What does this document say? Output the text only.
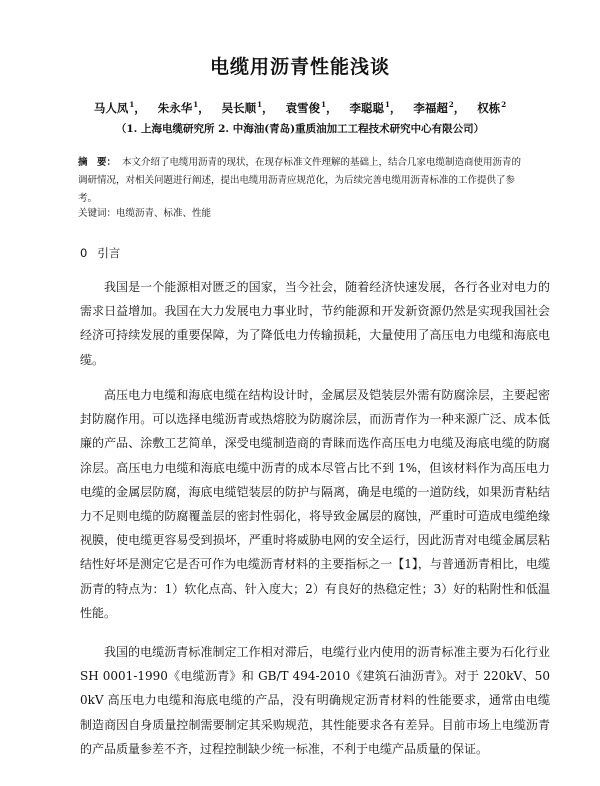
电缆用沥青性能浅谈
马人凤$^1$， 朱永华$^1$， 吴长顺$^1$， 袁雪俊$^1$， 李聪聪$^1$， 李福超$^2$， 权栋$^2$
（1. 上海电缆研究所 2. 中海油(青岛)重质油加工工程技术研究中心有限公司）
摘　要： 本文介绍了电缆用沥青的现状，在现存标准文件理解的基础上，结合几家电缆制造商使用沥青的调研情况，对相关问题进行阐述，提出电缆用沥青应规范化，为后续完善电缆用沥青标准的工作提供了参考。
关键词：电缆沥青、标准、性能
0 引言

我国是一个能源相对匮乏的国家，当今社会，随着经济快速发展，各行各业对电力的需求日益增加。我国在大力发展电力事业时，节约能源和开发新资源仍然是实现我国社会经济可持续发展的重要保障，为了降低电力传输损耗，大量使用了高压电力电缆和海底电缆。

高压电力电缆和海底电缆在结构设计时，金属层及铠装层外需有防腐涂层，主要起密封防腐作用。可以选择电缆沥青或热熔胶为防腐涂层，而沥青作为一种来源广泛、成本低廉的产品、涂敷工艺简单，深受电缆制造商的青睐而选作高压电力电缆及海底电缆的防腐涂层。高压电力电缆和海底电缆中沥青的成本尽管占比不到 1%，但该材料作为高压电力电缆的金属层防腐，海底电缆铠装层的防护与隔离，确是电缆的一道防线，如果沥青粘结力不足则电缆的防腐覆盖层的密封性弱化，将导致金属层的腐蚀，严重时可造成电缆绝缘视膜，使电缆更容易受到损坏，严重时将威胁电网的安全运行，因此沥青对电缆金属层粘结性好坏是测定它是否可作为电缆沥青材料的主要指标之一【1】，与普通沥青相比，电缆沥青的特点为：1）软化点高、针入度大；2）有良好的热稳定性；3）好的粘附性和低温性能。

我国的电缆沥青标准制定工作相对滞后，电缆行业内使用的沥青标准主要为石化行业 SH 0001-1990《电缆沥青》和 GB/T 494-2010《建筑石油沥青》。对于 220kV、500kV 高压电力电缆和海底电缆的产品，没有明确规定沥青材料的性能要求，通常由电缆制造商因自身质量控制需要制定其采购规范，其性能要求各有差异。目前市场上电缆沥青的产品质量参差不齐，过程控制缺少统一标准，不利于电缆产品质量的保证。
